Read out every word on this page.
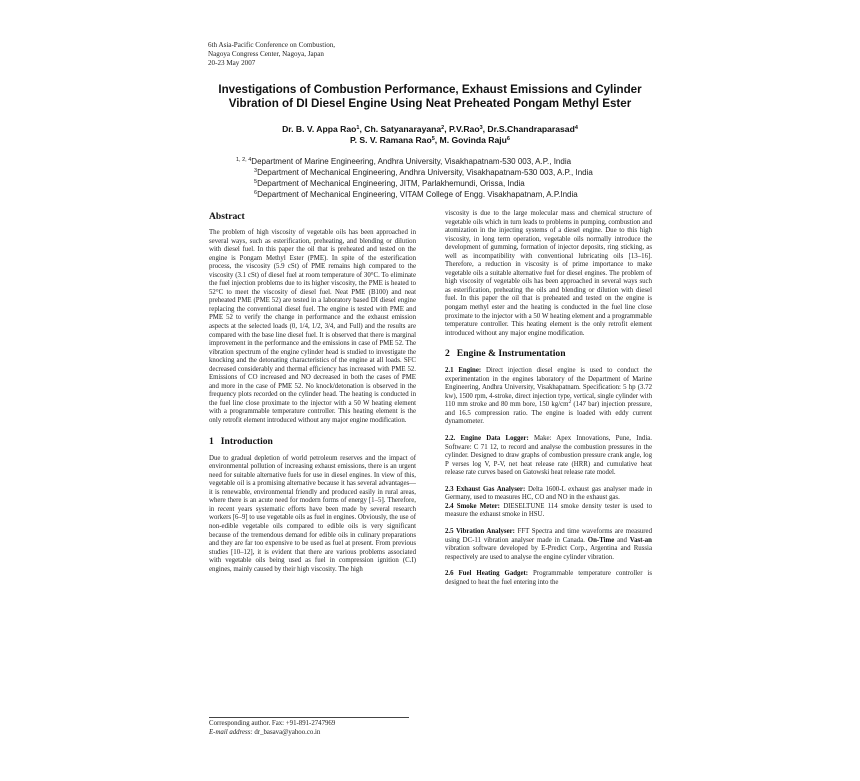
6th Asia-Pacific Conference on Combustion,
Nagoya Congress Center, Nagoya, Japan
20-23 May 2007
Investigations of Combustion Performance, Exhaust Emissions and Cylinder
Vibration of DI Diesel Engine Using Neat Preheated Pongam Methyl Ester
Dr. B. V. Appa Rao$^1$, Ch. Satyanarayana$^2$, P.V.Rao$^3$, Dr.S.Chandraparasad$^4$
P. S. V. Ramana Rao$^5$, M. Govinda Raju$^6$
$^{1, 2, 4}$Department of Marine Engineering, Andhra University, Visakhapatnam-530 003, A.P., India
$^3$Department of Mechanical Engineering, Andhra University, Visakhapatnam-530 003, A.P., India
$^5$Department of Mechanical Engineering, JITM, Parlakhemundi, Orissa, India
$^6$Department of Mechanical Engineering, VITAM College of Engg. Visakhapatnam, A.P.India

Abstract

The problem of high viscosity of vegetable oils has been approached in several ways, such as esterification, preheating, and blending or dilution with diesel fuel. In this paper the oil that is preheated and tested on the engine is Pongam Methyl Ester (PME). In spite of the esterification process, the viscosity (5.9 cSt) of PME remains high compared to the viscosity (3.1 cSt) of diesel fuel at room temperature of 30°C. To eliminate the fuel injection problems due to its higher viscosity, the PME is heated to 52°C to meet the viscosity of diesel fuel. Neat PME (B100) and neat preheated PME (PME 52) are tested in a laboratory based DI diesel engine replacing the conventional diesel fuel. The engine is tested with PME and PME 52 to verify the change in performance and the exhaust emission aspects at the selected loads (0, 1/4, 1/2, 3/4, and Full) and the results are compared with the base line diesel fuel. It is observed that there is marginal improvement in the performance and the emissions in case of PME 52. The vibration spectrum of the engine cylinder head is studied to investigate the knocking and the detonating characteristics of the engine at all loads. SFC decreased considerably and thermal efficiency has increased with PME 52. Emissions of CO increased and NO decreased in both the cases of PME and more in the case of PME 52. No knock/detonation is observed in the frequency plots recorded on the cylinder head. The heating is conducted in the fuel line close proximate to the injector with a 50 W heating element with a programmable temperature controller. This heating element is the only retrofit element introduced without any major engine modification.

1 Introduction

Due to gradual depletion of world petroleum reserves and the impact of environmental pollution of increasing exhaust emissions, there is an urgent need for suitable alternative fuels for use in diesel engines. In view of this, vegetable oil is a promising alternative because it has several advantages—it is renewable, environmental friendly and produced easily in rural areas, where there is an acute need for modern forms of energy [1–5]. Therefore, in recent years systematic efforts have been made by several research workers [6–9] to use vegetable oils as fuel in engines. Obviously, the use of non-edible vegetable oils compared to edible oils is very significant because of the tremendous demand for edible oils in culinary preparations and they are far too expensive to be used as fuel at present. From previous studies [10–12], it is evident that there are various problems associated with vegetable oils being used as fuel in compression ignition (C.I) engines, mainly caused by their high viscosity. The high

viscosity is due to the large molecular mass and chemical structure of vegetable oils which in turn leads to problems in pumping, combustion and atomization in the injecting systems of a diesel engine. Due to this high viscosity, in long term operation, vegetable oils normally introduce the development of gumming, formation of injector deposits, ring sticking, as well as incompatibility with conventional lubricating oils [13–16]. Therefore, a reduction in viscosity is of prime importance to make vegetable oils a suitable alternative fuel for diesel engines. The problem of high viscosity of vegetable oils has been approached in several ways such as esterification, preheating the oils and blending or dilution with diesel fuel. In this paper the oil that is preheated and tested on the engine is pongam methyl ester and the heating is conducted in the fuel line close proximate to the injector with a 50 W heating element and a programmable temperature controller. This heating element is the only retrofit element introduced without any major engine modification.

2 Engine & Instrumentation

2.1 Engine: Direct injection diesel engine is used to conduct the experimentation in the engines laboratory of the Department of Marine Engineering, Andhra University, Visakhapatnam. Specification: 5 hp (3.72 kw), 1500 rpm, 4-stroke, direct injection type, vertical, single cylinder with 110 mm stroke and 80 mm bore, 150 $kg/cm^2$ (147 bar) injection pressure, and 16.5 compression ratio. The engine is loaded with eddy current dynamometer.

2.2. Engine Data Logger: Make: Apex Innovations, Pune, India. Software: C 71 12, to record and analyse the combustion pressures in the cylinder. Designed to draw graphs of combustion pressure crank angle, log P verses log V, P-V, net heat release rate (HRR) and cumulative heat release rate curves based on Gatowski heat release rate model.

2.3 Exhaust Gas Analyser: Delta 1600-L exhaust gas analyser made in Germany, used to measures HC, CO and NO in the exhaust gas.

2.4 Smoke Meter: DIESELTUNE 114 smoke density tester is used to measure the exhaust smoke in HSU.

2.5 Vibration Analyser: FFT Spectra and time waveforms are measured using DC-11 vibration analyser made in Canada. On-Time and Vast-an vibration software developed by E-Predict Corp., Argentina and Russia respectively are used to analyse the engine cylinder vibration.

2.6 Fuel Heating Gadget: Programmable temperature controller is designed to heat the fuel entering into the

Corresponding author. Fax: +91-891-2747969
E-mail address: dr_basava@yahoo.co.in
